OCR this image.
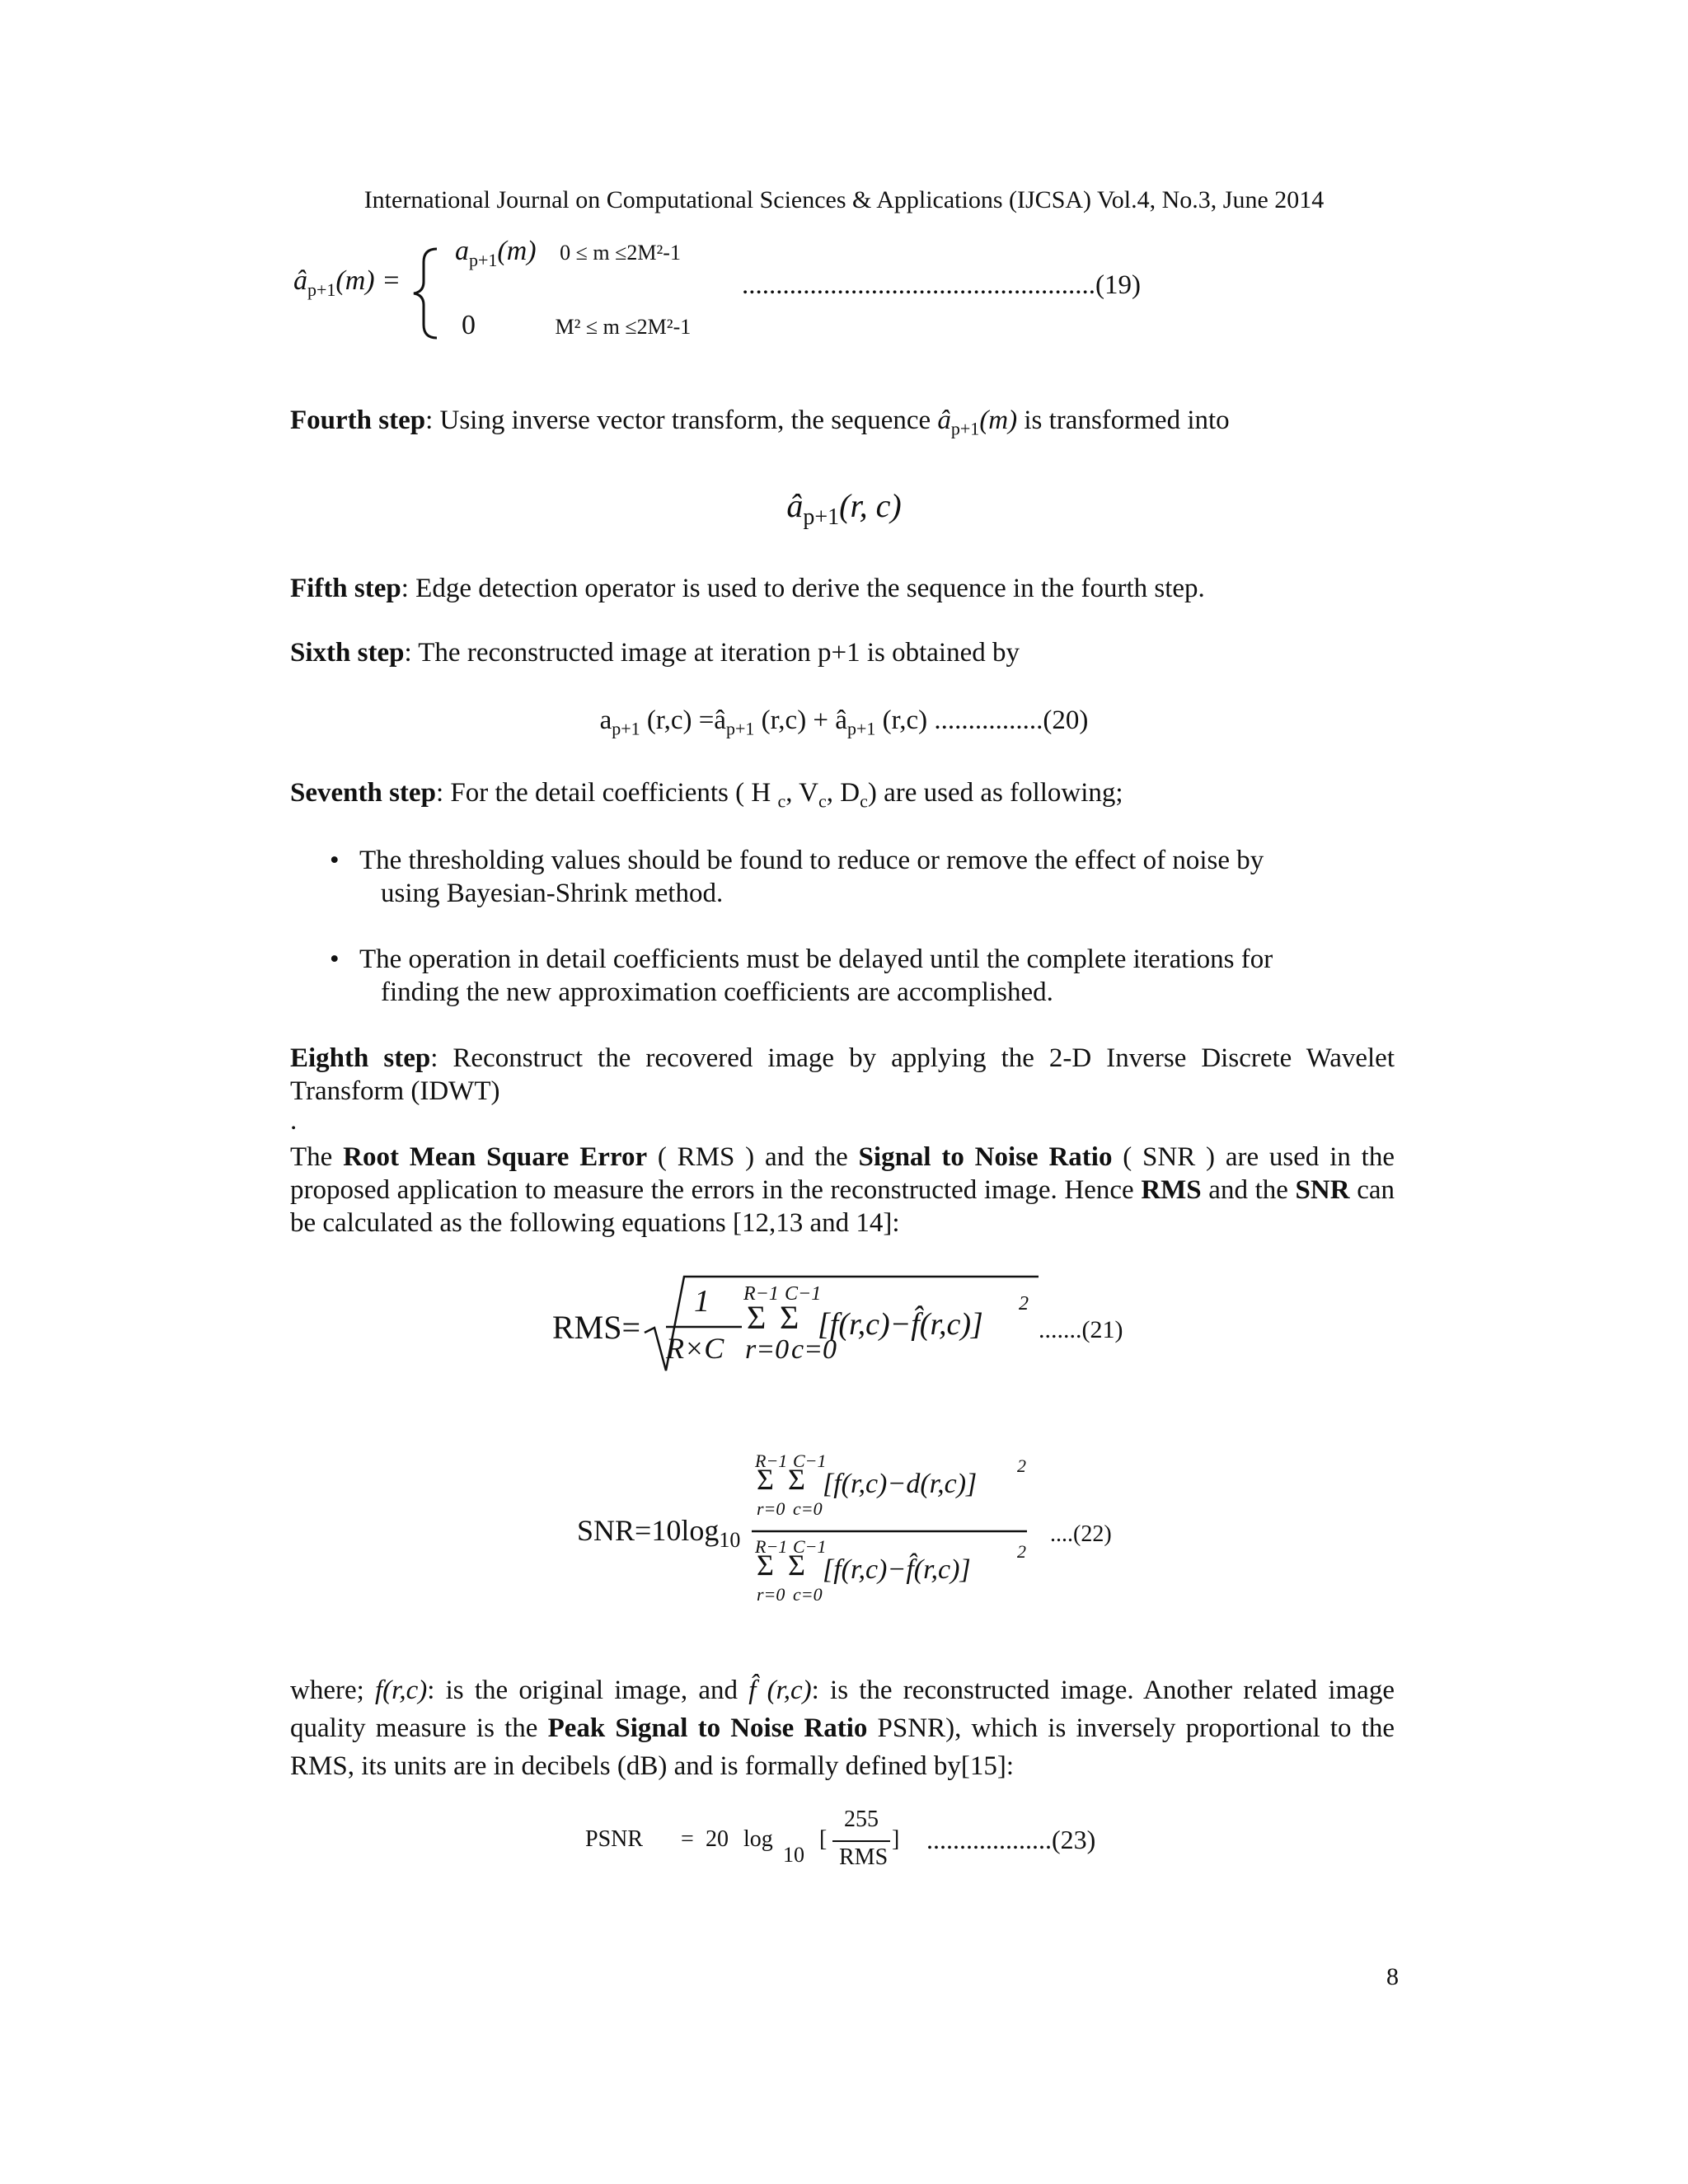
International Journal on Computational Sciences & Applications (IJCSA) Vol.4, No.3, June 2014
$â_{p+1}(m)$ =
$a_{p+1}(m) 0 \le m \le 2M^2-1$
0	M² ≤ m ≤2M²-1
....................................................(19)
Fourth step: Using inverse vector transform, the sequence $â_{p+1}(m)$ is transformed into
$â_{p+1}(r$, c)
Fifth step: Edge detection operator is used to derive the sequence in the fourth step.
Sixth step: The reconstructed image at iteration p+1 is obtained by
$a_{p+1}$ $(r,c) =â_{p+1}$ $(r,c) + â_{p+1}$ (r,c) ................(20)
Seventh step: For the detail coefficients ( H $_c$, $V_c$, $D_c$) are used as following;
• The thresholding values should be found to reduce or remove the effect of noise by
using Bayesian-Shrink method.
• The operation in detail coefficients must be delayed until the complete iterations for
finding the new approximation coefficients are accomplished.
Eighth step: Reconstruct the recovered image by applying the 2-D Inverse Discrete Wavelet Transform (IDWT)
.
The Root Mean Square Error ( RMS ) and the Signal to Noise Ratio ( SNR ) are used in the proposed application to measure the errors in the reconstructed image. Hence RMS and the SNR can be calculated as the following equations [12,13 and 14]:
RMS=
1
R×C
R−1 C−1
Σ Σ
r=0 c=0
[f(r,c)−f̂(r,c)]
2
.......(21)
$SNR=10\log_{10}$
R−1 C−1
Σ Σ
r=0 c=0
[f(r,c)−d(r,c)]
2
R−1 C−1
Σ Σ
r=0 c=0
[f(r,c)−f̂(r,c)]
2
....(22)
where; f(r,c): is the original image, and f̂ (r,c): is the reconstructed image. Another related image quality measure is the Peak Signal to Noise Ratio PSNR), which is inversely proportional to the RMS, its units are in decibels (dB) and is formally defined by[15]:
PSNR = 20 log
10
[
255
RMS
] ...................(23)
8
